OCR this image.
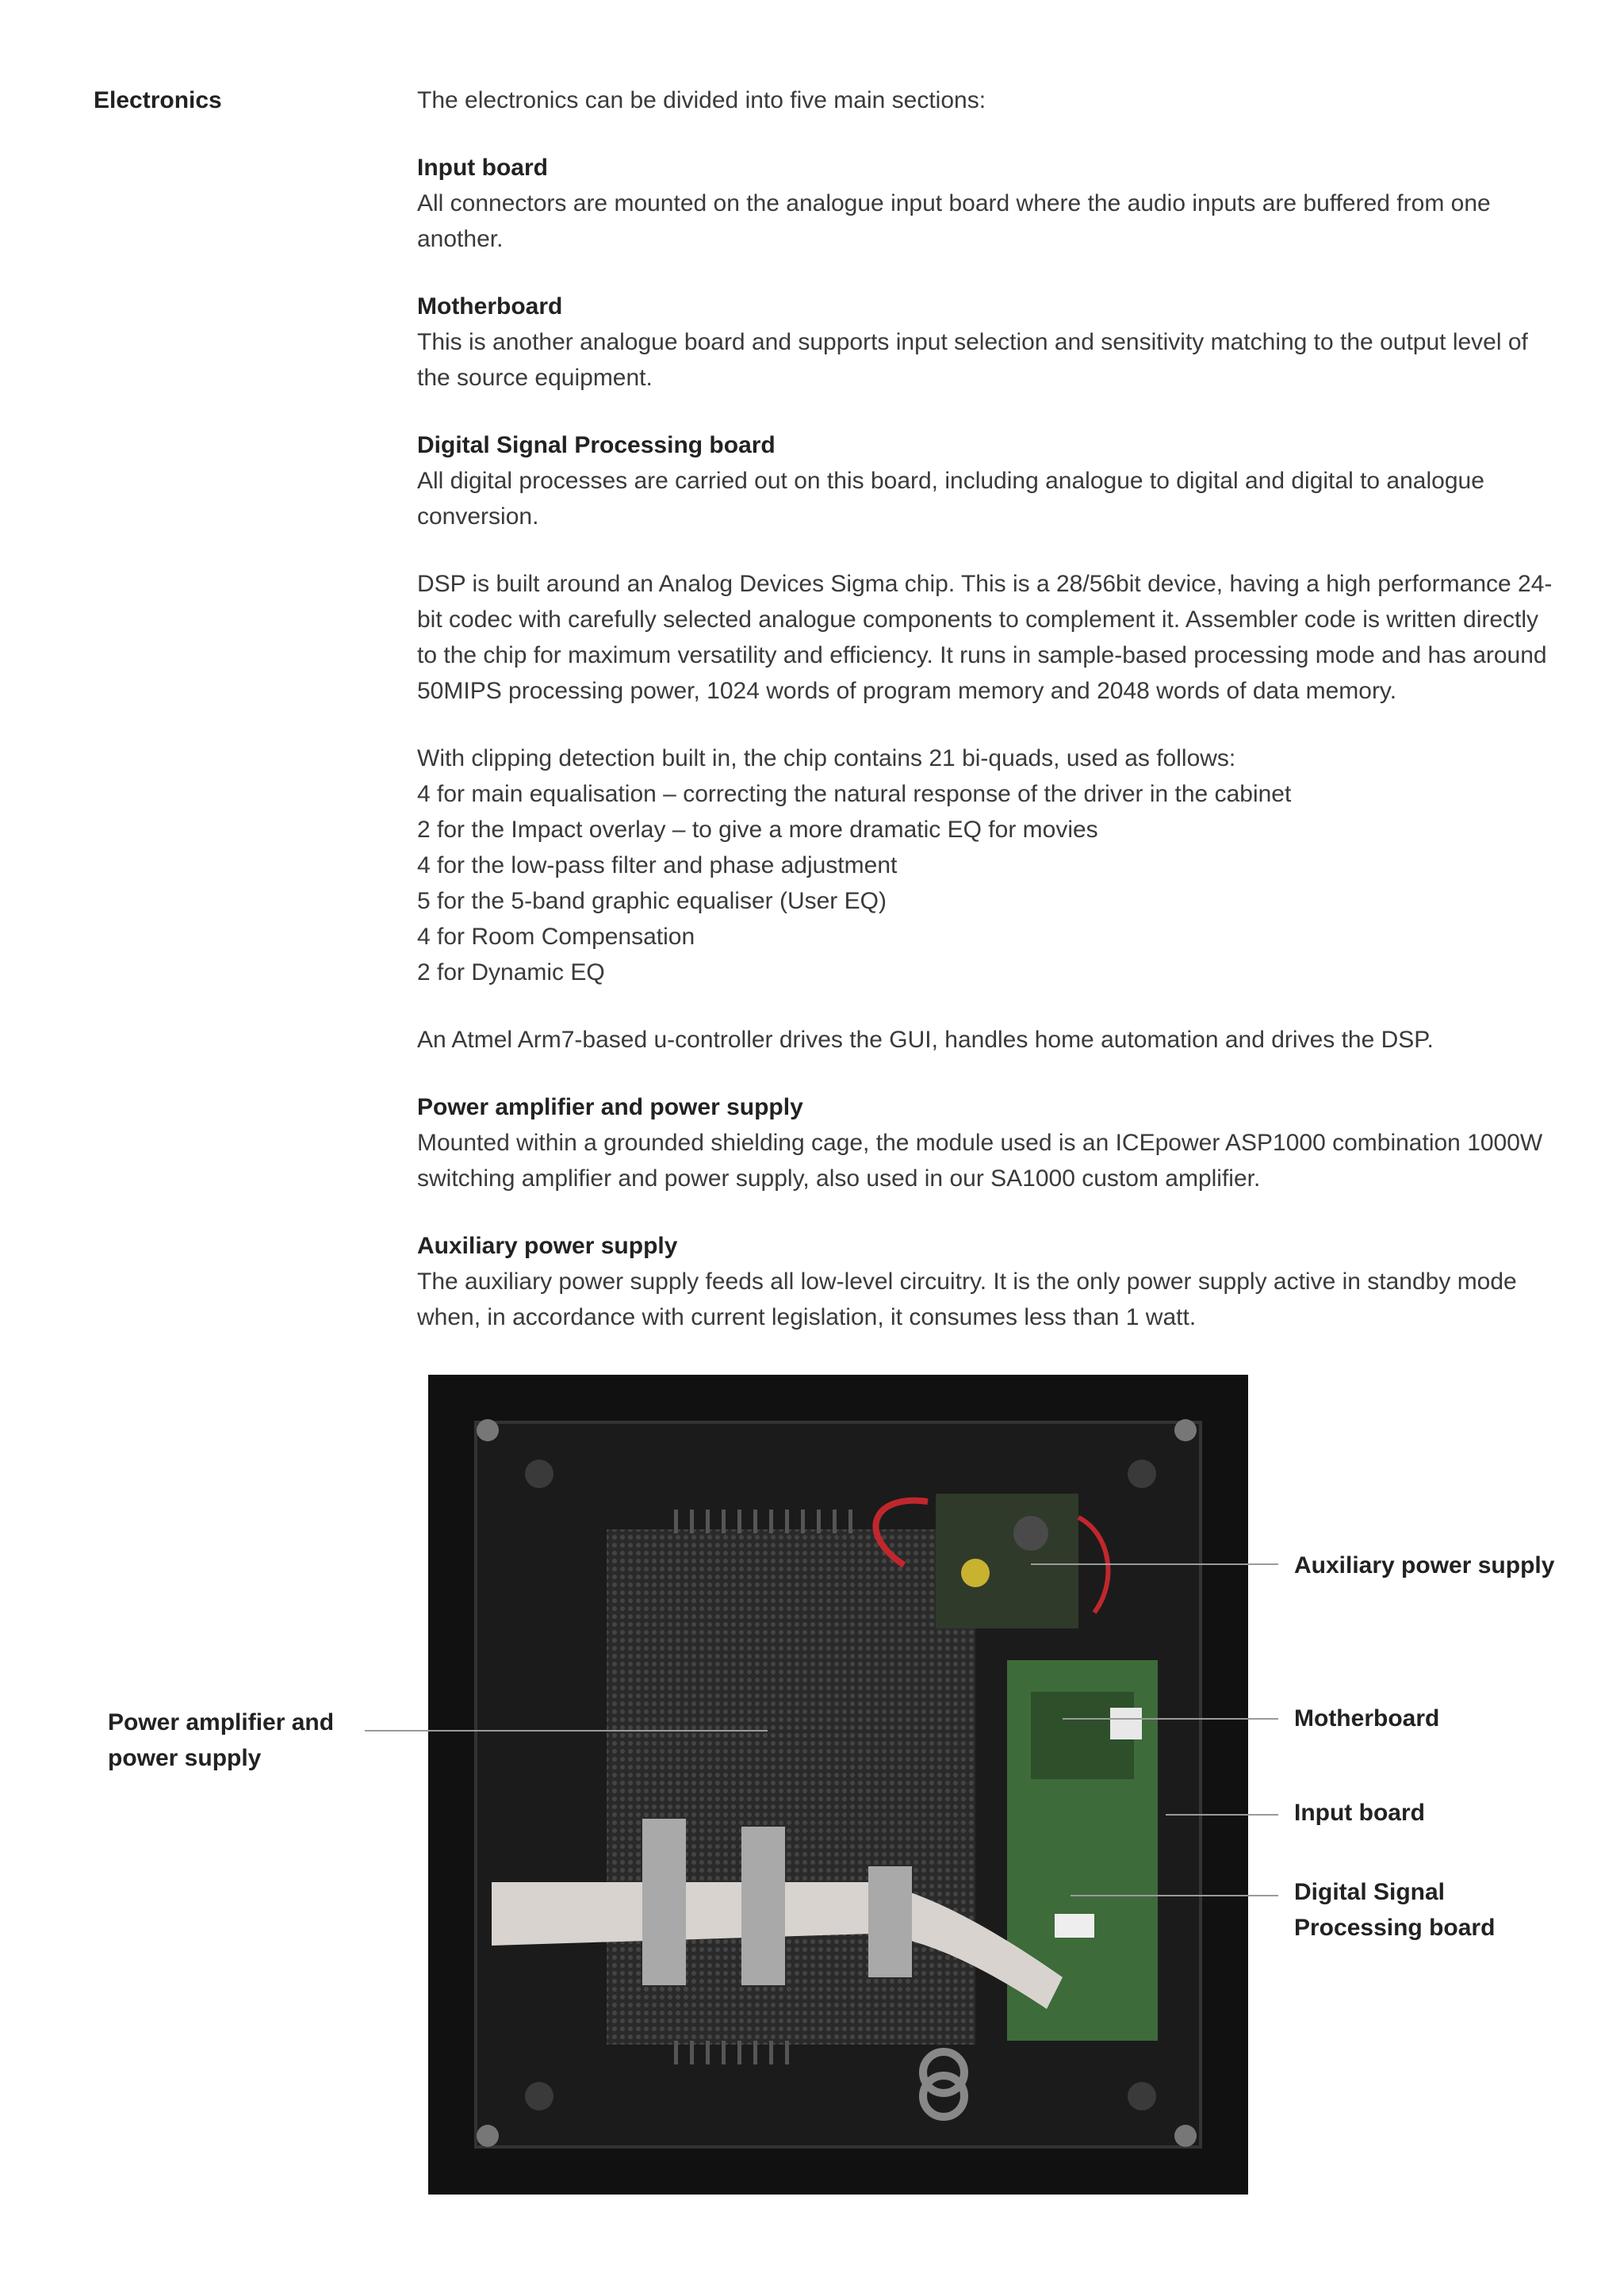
Electronics	The electronics can be divided into five main sections:

Input board

All connectors are mounted on the analogue input board where the audio inputs are buffered from one another.

Motherboard

This is another analogue board and supports input selection and sensitivity matching to the output level of the source equipment.

Digital Signal Processing board

All digital processes are carried out on this board, including analogue to digital and digital to analogue conversion.

DSP is built around an Analog Devices Sigma chip. This is a 28/56bit device, having a high performance 24-bit codec with carefully selected analogue components to complement it. Assembler code is written directly to the chip for maximum versatility and efficiency. It runs in sample-based processing mode and has around 50MIPS processing power, 1024 words of program memory and 2048 words of data memory.

With clipping detection built in, the chip contains 21 bi-quads, used as follows:
4 for main equalisation – correcting the natural response of the driver in the cabinet
2 for the Impact overlay – to give a more dramatic EQ for movies
4 for the low-pass filter and phase adjustment
5 for the 5-band graphic equaliser (User EQ)
4 for Room Compensation
2 for Dynamic EQ

An Atmel Arm7-based u-controller drives the GUI, handles home automation and drives the DSP.

Power amplifier and power supply

Mounted within a grounded shielding cage, the module used is an ICEpower ASP1000 combination 1000W switching amplifier and power supply, also used in our SA1000 custom amplifier.

Auxiliary power supply

The auxiliary power supply feeds all low-level circuitry. It is the only power supply active in standby mode when, in accordance with current legislation, it consumes less than 1 watt.

Power amplifier and
power supply
Auxiliary power supply
Motherboard
Input board
Digital Signal
Processing board
